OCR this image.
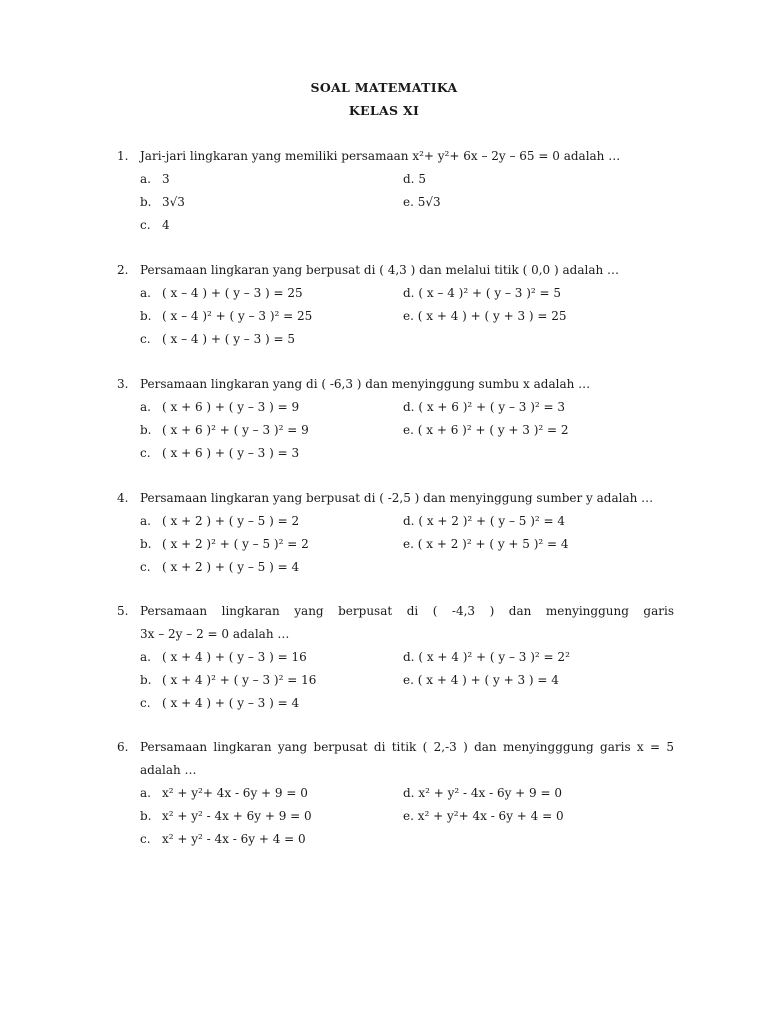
SOAL MATEMATIKA
KELAS XI
1. Jari-jari lingkaran yang memiliki persamaan x²+ y²+ 6x – 2y – 65 = 0 adalah …
a. 3	d. 5
b. 3√3	e. 5√3
c. 4
2. Persamaan lingkaran yang berpusat di ( 4,3 ) dan melalui titik ( 0,0 ) adalah …
a. ( x – 4 ) + ( y – 3 ) = 25	d. ( x – 4 )² + ( y – 3 )² = 5
b. ( x – 4 )² + ( y – 3 )² = 25	e. ( x + 4 ) + ( y + 3 ) = 25
c. ( x – 4 ) + ( y – 3 ) = 5
3. Persamaan lingkaran yang di ( -6,3 ) dan menyinggung sumbu x adalah …
a. ( x + 6 ) + ( y – 3 ) = 9	d. ( x + 6 )² + ( y – 3 )² = 3
b. ( x + 6 )² + ( y – 3 )² = 9	e. ( x + 6 )² + ( y + 3 )² = 2
c. ( x + 6 ) + ( y – 3 ) = 3
4. Persamaan lingkaran yang berpusat di ( -2,5 ) dan menyinggung sumber y adalah …
a. ( x + 2 ) + ( y – 5 ) = 2	d. ( x + 2 )² + ( y – 5 )² = 4
b. ( x + 2 )² + ( y – 5 )² = 2	e. ( x + 2 )² + ( y + 5 )² = 4
c. ( x + 2 ) + ( y – 5 ) = 4
5. Persamaan lingkaran yang berpusat di ( -4,3 ) dan menyinggung garis
3x – 2y – 2 = 0 adalah …
a. ( x + 4 ) + ( y – 3 ) = 16	d. ( x + 4 )² + ( y – 3 )² = 2²
b. ( x + 4 )² + ( y – 3 )² = 16	e. ( x + 4 ) + ( y + 3 ) = 4
c. ( x + 4 ) + ( y – 3 ) = 4
6. Persamaan lingkaran yang berpusat di titik ( 2,-3 ) dan menyingggung garis x = 5
adalah …
a. x² + y²+ 4x - 6y + 9 = 0	d. x² + y² - 4x - 6y + 9 = 0
b. x² + y² - 4x + 6y + 9 = 0	e. x² + y²+ 4x - 6y + 4 = 0
c. x² + y² - 4x - 6y + 4 = 0
